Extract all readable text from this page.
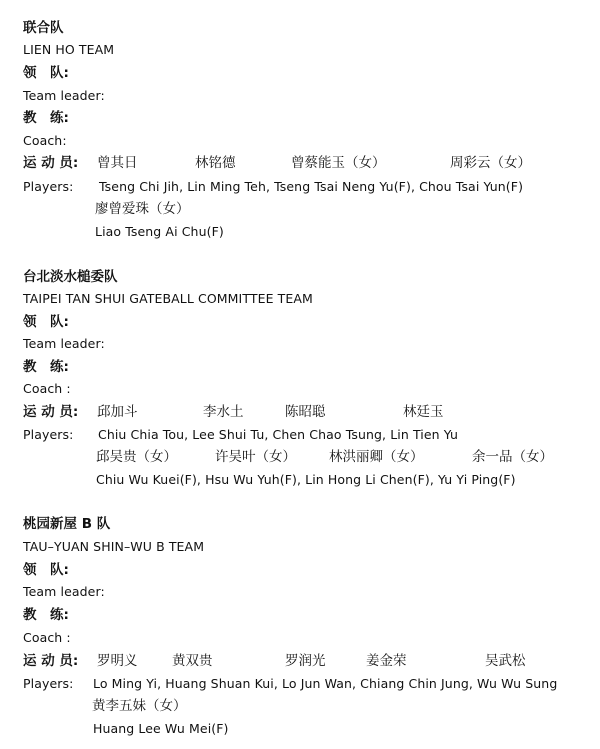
联合队
LIEN HO TEAM
领　队:
Team leader:
教　练:
Coach:
运 动 员: 曾其日	林铭德	曾蔡能玉（女）	周彩云（女）
Players: Tseng Chi Jih, Lin Ming Teh, Tseng Tsai Neng Yu(F), Chou Tsai Yun(F)
廖曾爱珠（女）
Liao Tseng Ai Chu(F)
台北淡水槌委队
TAIPEI TAN SHUI GATEBALL COMMITTEE TEAM
领　队:
Team leader:
教　练:
Coach :
运 动 员: 邱加斗	李水土	陈昭聪	林廷玉
Players: Chiu Chia Tou, Lee Shui Tu, Chen Chao Tsung, Lin Tien Yu
邱吴贵（女）	许吴叶（女） 林洪丽卿（女）	余一品（女）
Chiu Wu Kuei(F), Hsu Wu Yuh(F), Lin Hong Li Chen(F), Yu Yi Ping(F)
桃园新屋 B 队
TAU–YUAN SHIN–WU B TEAM
领　队:
Team leader:
教　练:
Coach :
运 动 员: 罗明义	黄双贵	罗润光	姜金荣	吴武松
Players: Lo Ming Yi, Huang Shuan Kui, Lo Jun Wan, Chiang Chin Jung, Wu Wu Sung
黄李五妹（女）
Huang Lee Wu Mei(F)
